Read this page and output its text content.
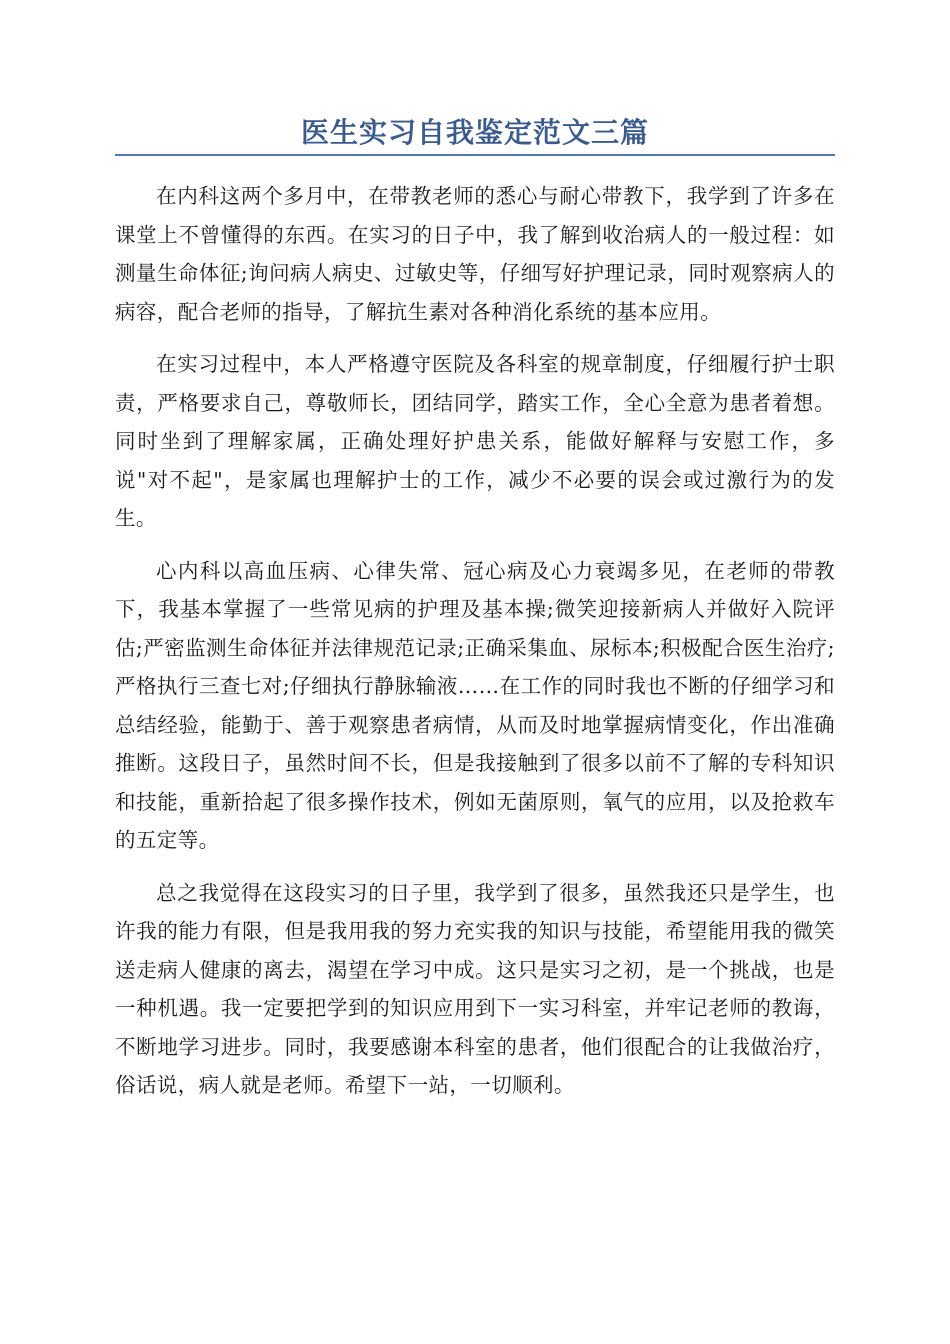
医生实习自我鉴定范文三篇

在内科这两个多月中，在带教老师的悉心与耐心带教下，我学到了许多在课堂上不曾懂得的东西。在实习的日子中，我了解到收治病人的一般过程：如测量生命体征;询问病人病史、过敏史等，仔细写好护理记录，同时观察病人的病容，配合老师的指导，了解抗生素对各种消化系统的基本应用。

在实习过程中，本人严格遵守医院及各科室的规章制度，仔细履行护士职责，严格要求自己，尊敬师长，团结同学，踏实工作，全心全意为患者着想。同时坐到了理解家属，正确处理好护患关系，能做好解释与安慰工作，多说"对不起"，是家属也理解护士的工作，减少不必要的误会或过激行为的发生。

心内科以高血压病、心律失常、冠心病及心力衰竭多见，在老师的带教下，我基本掌握了一些常见病的护理及基本操;微笑迎接新病人并做好入院评估;严密监测生命体征并法律规范记录;正确采集血、尿标本;积极配合医生治疗;严格执行三查七对;仔细执行静脉输液……在工作的同时我也不断的仔细学习和总结经验，能勤于、善于观察患者病情，从而及时地掌握病情变化，作出准确推断。这段日子，虽然时间不长，但是我接触到了很多以前不了解的专科知识和技能，重新拾起了很多操作技术，例如无菌原则，氧气的应用，以及抢救车的五定等。

总之我觉得在这段实习的日子里，我学到了很多，虽然我还只是学生，也许我的能力有限，但是我用我的努力充实我的知识与技能，希望能用我的微笑送走病人健康的离去，渴望在学习中成。这只是实习之初，是一个挑战，也是一种机遇。我一定要把学到的知识应用到下一实习科室，并牢记老师的教诲，不断地学习进步。同时，我要感谢本科室的患者，他们很配合的让我做治疗，俗话说，病人就是老师。希望下一站，一切顺利。
